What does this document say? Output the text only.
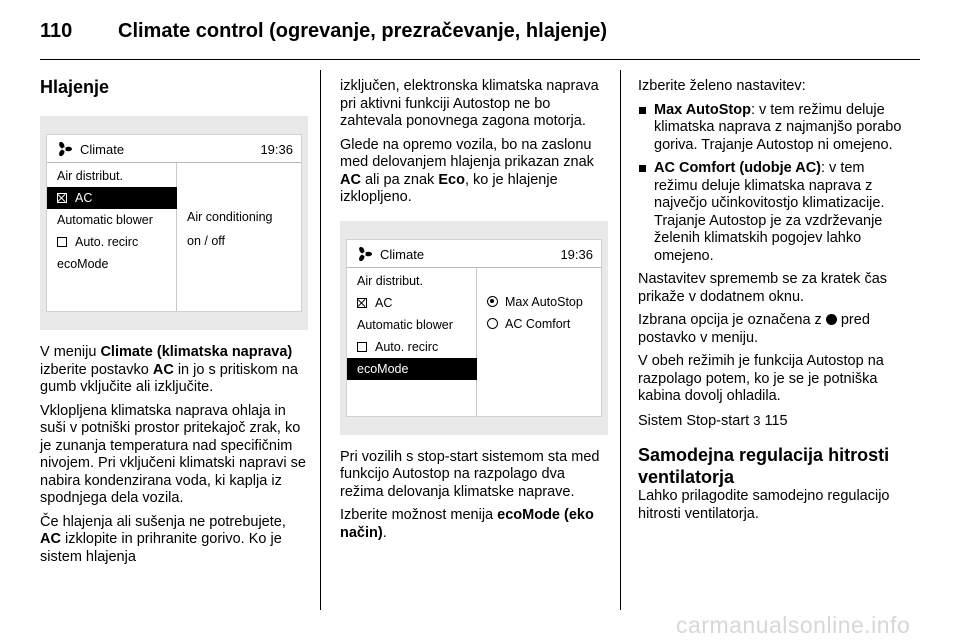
110 Climate control (ogrevanje, prezračevanje, hlajenje)
Hlajenje
Climate	19:36
Air distribut.
AC
Automatic blower
Auto. recirc
ecoMode
Air conditioning
on / off

V meniju Climate (klimatska naprava) izberite postavko AC in jo s pritiskom na gumb vključite ali izključite.

Vklopljena klimatska naprava ohlaja in suši v potniški prostor pritekajoč zrak, ko je zunanja temperatura nad specifičnim nivojem. Pri vključeni klimatski napravi se nabira kondenzirana voda, ki kaplja iz spodnjega dela vozila.

Če hlajenja ali sušenja ne potrebujete, AC izklopite in prihranite gorivo. Ko je sistem hlajenja

izključen, elektronska klimatska naprava pri aktivni funkciji Autostop ne bo zahtevala ponovnega zagona motorja.

Glede na opremo vozila, bo na zaslonu med delovanjem hlajenja prikazan znak AC ali pa znak Eco, ko je hlajenje izklopljeno.

Climate	19:36
Air distribut.
AC
Automatic blower
Auto. recirc
ecoMode
Max AutoStop
AC Comfort

Pri vozilih s stop-start sistemom sta med funkcijo Autostop na razpolago dva režima delovanja klimatske naprave.

Izberite možnost menija ecoMode (eko način).

Izberite želeno nastavitev:

Max AutoStop: v tem režimu deluje klimatska naprava z najmanjšo porabo goriva. Trajanje Autostop ni omejeno.
AC Comfort (udobje AC): v tem režimu deluje klimatska naprava z največjo učinkovitostjo klimatizacije. Trajanje Autostop je za vzdrževanje želenih klimatskih pogojev lahko omejeno.

Nastavitev sprememb se za kratek čas prikaže v dodatnem oknu.

Izbrana opcija je označena z  pred postavko v meniju.

V obeh režimih je funkcija Autostop na razpolago potem, ko je se je potniška kabina dovolj ohladila.

Sistem Stop-start 3 115

Samodejna regulacija hitrosti ventilatorja

Lahko prilagodite samodejno regulacijo hitrosti ventilatorja.

carmanualsonline.info
